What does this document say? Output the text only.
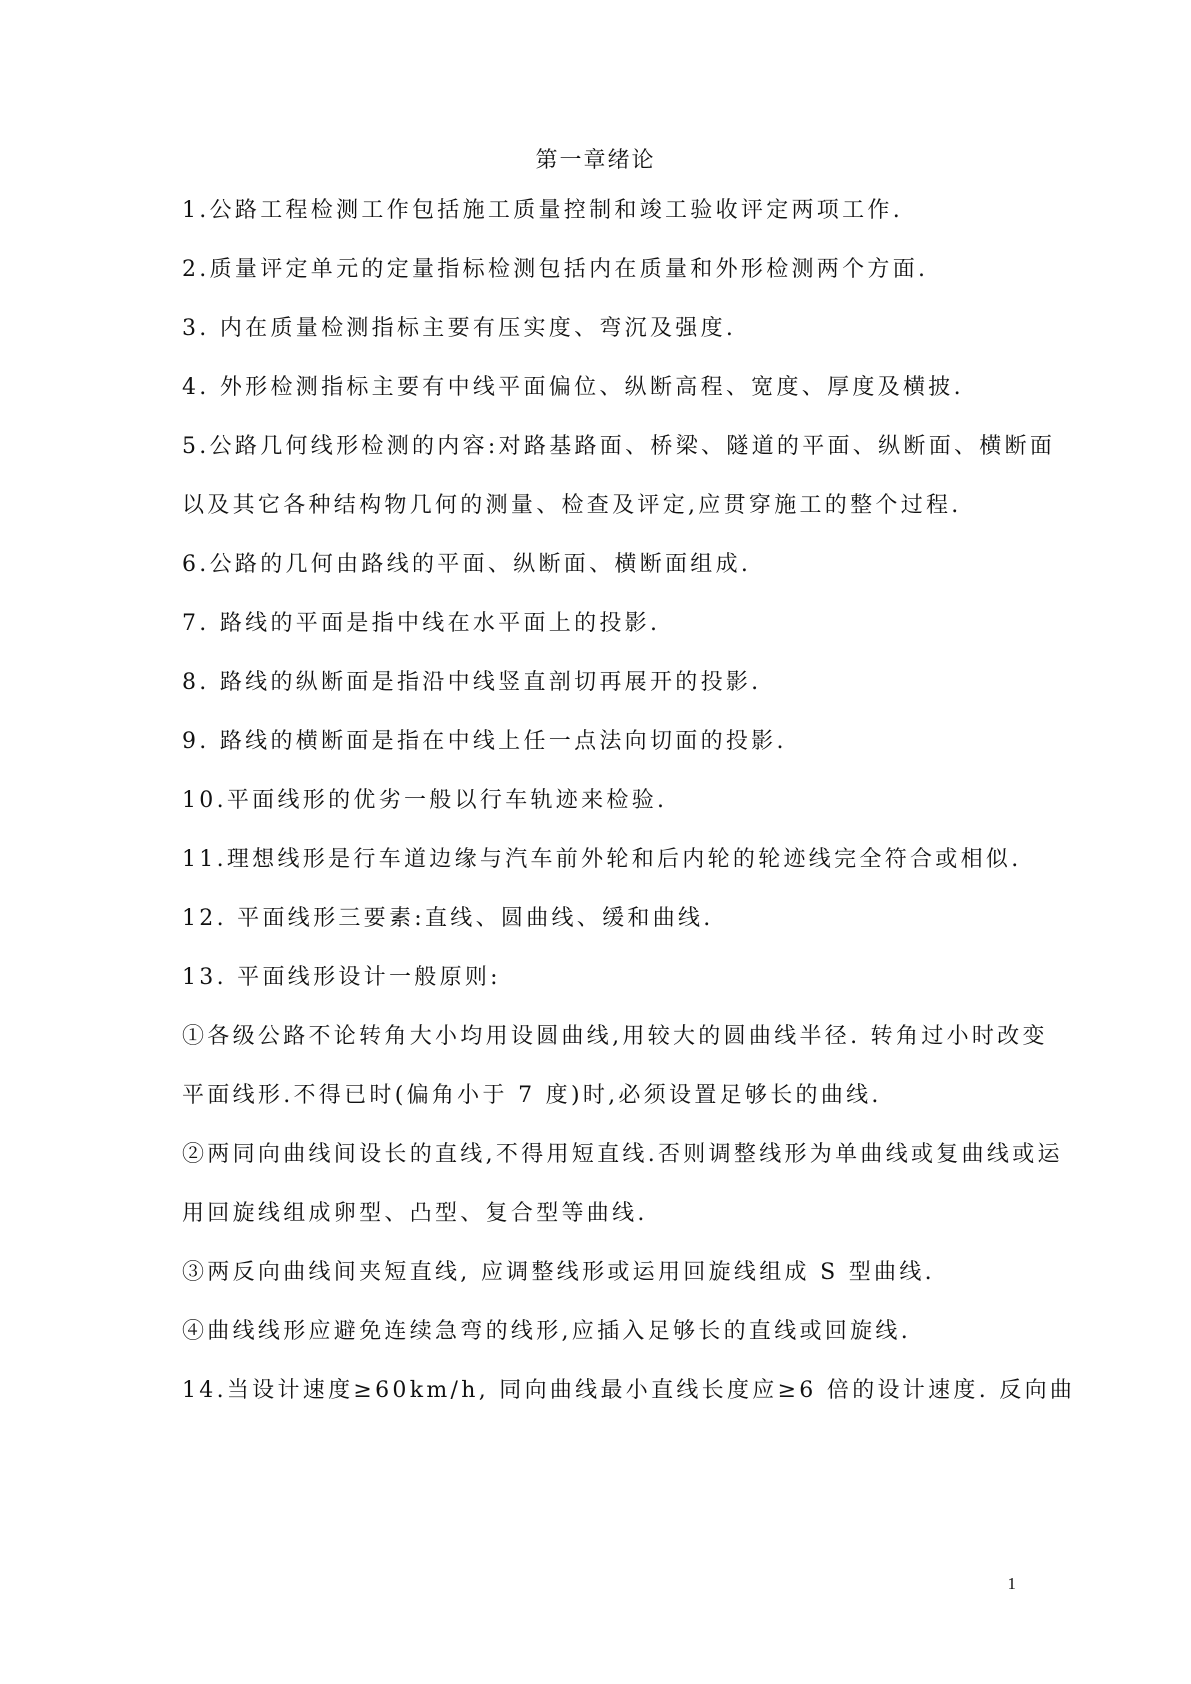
第一章绪论
1.公路工程检测工作包括施工质量控制和竣工验收评定两项工作.
2.质量评定单元的定量指标检测包括内在质量和外形检测两个方面.
3. 内在质量检测指标主要有压实度、弯沉及强度.
4. 外形检测指标主要有中线平面偏位、纵断高程、宽度、厚度及横披.
5.公路几何线形检测的内容:对路基路面、桥梁、隧道的平面、纵断面、横断面
以及其它各种结构物几何的测量、检查及评定,应贯穿施工的整个过程.
6.公路的几何由路线的平面、纵断面、横断面组成.
7. 路线的平面是指中线在水平面上的投影.
8. 路线的纵断面是指沿中线竖直剖切再展开的投影.
9. 路线的横断面是指在中线上任一点法向切面的投影.
10.平面线形的优劣一般以行车轨迹来检验.
11.理想线形是行车道边缘与汽车前外轮和后内轮的轮迹线完全符合或相似.
12. 平面线形三要素:直线、圆曲线、缓和曲线.
13. 平面线形设计一般原则:
①各级公路不论转角大小均用设圆曲线,用较大的圆曲线半径. 转角过小时改变
平面线形.不得已时(偏角小于 7 度)时,必须设置足够长的曲线.
②两同向曲线间设长的直线,不得用短直线.否则调整线形为单曲线或复曲线或运
用回旋线组成卵型、凸型、复合型等曲线.
③两反向曲线间夹短直线, 应调整线形或运用回旋线组成 S 型曲线.
④曲线线形应避免连续急弯的线形,应插入足够长的直线或回旋线.
14.当设计速度≥60km/h, 同向曲线最小直线长度应≥6 倍的设计速度. 反向曲
1
